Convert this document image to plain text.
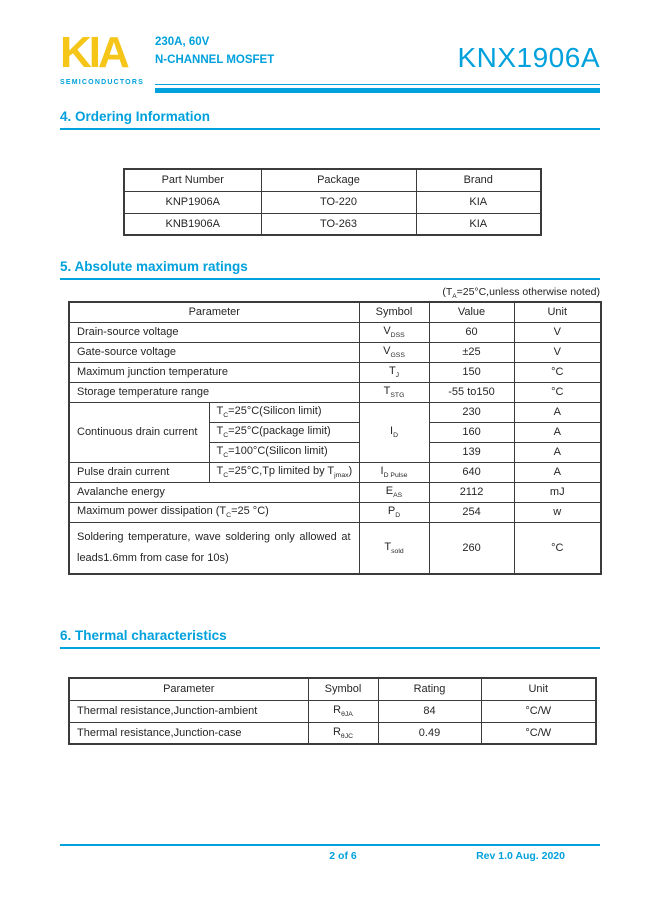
KIA
SEMICONDUCTORS
230A, 60V
N-CHANNEL MOSFET	KNX1906A
4. Ordering Information
Part Number	Package	Brand
KNP1906A	TO-220	KIA
KNB1906A	TO-263	KIA
5. Absolute maximum ratings
($T_A=25^\circ C,unless$ otherwise noted)
Parameter		Symbol	Value	Unit
Drain-source voltage		$V_{DSS}$	60	V
Gate-source voltage		$V_{GSS}$	±25	V
Maximum junction temperature		$T_J$	150	°C
Storage temperature range		$T_{STG}$	-55 to150	°C
Continuous drain current	$T_C=25^\circ C(Silicon$ limit)	$I_D$	230	A
	$T_C=25^\circ C(package$ limit)		160	A
	$T_C=100^\circ C(Silicon$ limit)		139	A
Pulse drain current	$T_C=25^\circ C,Tp$ limited by $T_{jmax}$)	$I_{D Pulse}$	640	A
Avalanche energy		$E_{AS}$	2112	mJ
Maximum power dissipation ($T_C=25$ °C)		$P_D$	254	w
Soldering temperature, wave soldering only allowed at leads1.6mm from case for 10s)		$T_{sold}$	260	°C
6. Thermal characteristics
Parameter	Symbol	Rating	Unit
Thermal resistance,Junction-ambient	$R_{\theta JA}$	84	°C/W
Thermal resistance,Junction-case	$R_{\theta JC}$	0.49	°C/W
2 of 6	Rev 1.0 Aug. 2020
